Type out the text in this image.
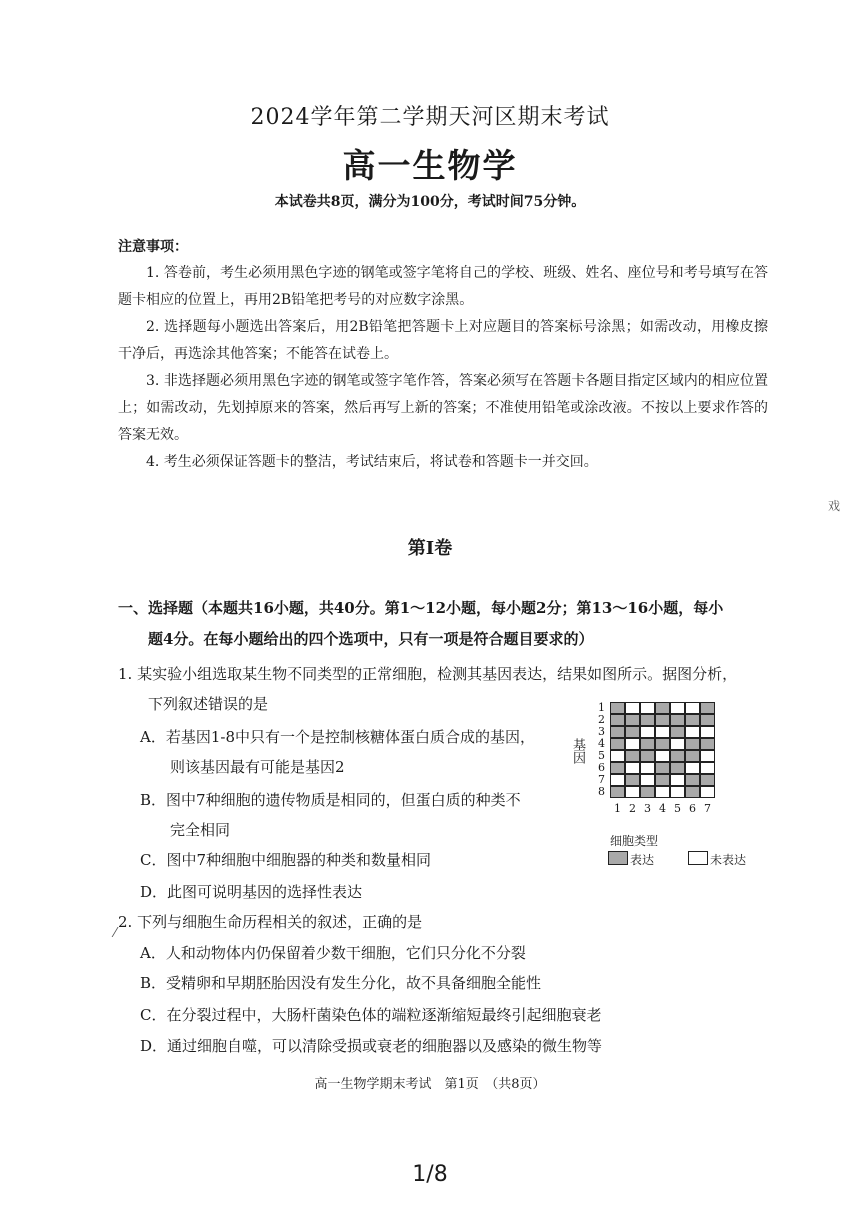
2024学年第二学期天河区期末考试
高一生物学
本试卷共8页，满分为100分，考试时间75分钟。
注意事项：
1. 答卷前，考生必须用黑色字迹的钢笔或签字笔将自己的学校、班级、姓名、座位号和考号填写在答题卡相应的位置上，再用2B铅笔把考号的对应数字涂黑。
2. 选择题每小题选出答案后，用2B铅笔把答题卡上对应题目的答案标号涂黑；如需改动，用橡皮擦干净后，再选涂其他答案；不能答在试卷上。
3. 非选择题必须用黑色字迹的钢笔或签字笔作答，答案必须写在答题卡各题目指定区域内的相应位置上；如需改动，先划掉原来的答案，然后再写上新的答案；不准使用铅笔或涂改液。不按以上要求作答的答案无效。
4. 考生必须保证答题卡的整洁，考试结束后，将试卷和答题卡一并交回。
戏
第I卷
一、选择题（本题共16小题，共40分。第1～12小题，每小题2分；第13～16小题，每小
题4分。在每小题给出的四个选项中，只有一项是符合题目要求的）
1. 某实验小组选取某生物不同类型的正常细胞，检测其基因表达，结果如图所示。据图分析，
下列叙述错误的是
A．若基因1-8中只有一个是控制核糖体蛋白质合成的基因，
则该基因最有可能是基因2
B．图中7种细胞的遗传物质是相同的，但蛋白质的种类不
完全相同
C．图中7种细胞中细胞器的种类和数量相同
D．此图可说明基因的选择性表达
基因
1
2
3
4
5
6
7
8
1 2 3 4 5 6 7
细胞类型
表达	未表达
⁄
2. 下列与细胞生命历程相关的叙述，正确的是
A．人和动物体内仍保留着少数干细胞，它们只分化不分裂
B．受精卵和早期胚胎因没有发生分化，故不具备细胞全能性
C．在分裂过程中，大肠杆菌染色体的端粒逐渐缩短最终引起细胞衰老
D．通过细胞自噬，可以清除受损或衰老的细胞器以及感染的微生物等
高一生物学期末考试　第1页　（共8页）
1/8
